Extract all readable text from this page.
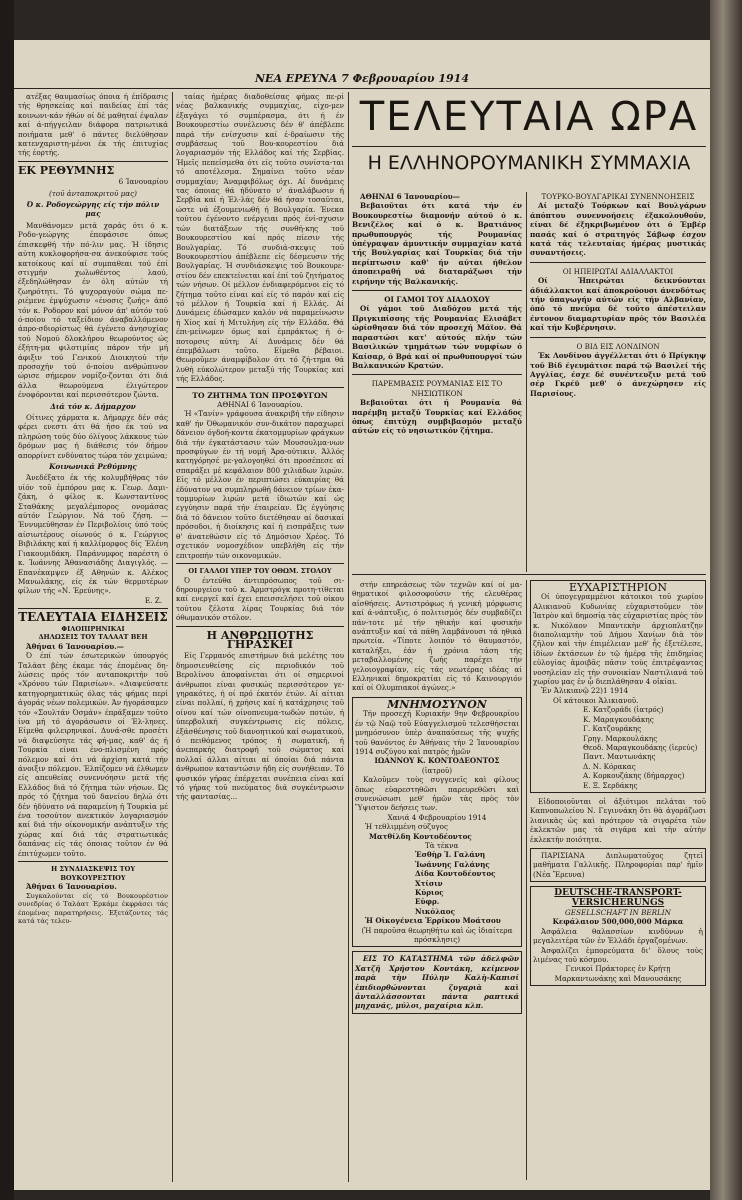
ΝΕΑ ΕΡΕΥΝΑ 7 Φεβρουαρίου 1914

ατέξας θαυμασίως όποια ή έπίδρασις τής θρησκείας καί παιδείας έπί τάς κοινωνι-κάν ήθών οί δέ μαθηταί έψαλαν καί ά-πήγγειλαν διάφορα πατριωτικά ποιήματα μεθ' ό πάντες διελύθησαν κατενχαριστη-μένοι έκ τής έπιτυχίας τής έορτής.

ΕΚ ΡΕΘΥΜΝΗΣ
6 Ίανουαρίου
(τοῦ ἀνταποκριτοῦ μας)
Ό κ. Ροδογεώργης είς τήν πόλιν μας

Μανθάνομεν μετά χαράς ότι ό κ. Ροδο-γεώργης έπεφάσισε όπως έπισκεφθή τήν πό-λιν μας. Ή ίδησις αύτη κυκλοφορήσα-σα άνεκούφισε τούς κατοίκους καί αί συμπαθεαι τού έπί στιγμήν χωλωθέντος λαού, έξεδηλώθησαν έν όλη αύτών τή ζωηρότητι. Τό ψυχοραγούν σώμα πε-ριέμενε έμψύχωσιν «ένοσις ζωής» άπό τόν κ. Ροδορον καί μόνον άπ' αύτόν τού ό-ποίου τό ταξείδιον άναβαλλόμενον άπρο-σδιορίστως θά έγένετο άνησυχίας τού Νομού δλοκλήρου θεωρούντος ώς έξήτη-μα φιλοτιμίας πάρον τήν μή άφιξιν τού Γενικού Διοικητού τήν προσοχήν τού ό-ποίου ανθρώπινον ώρισε σήμερον νομίζο-ζονται ότι διά άλλα θεωρούμενα έλιγώτερον ένοφόρονται καί περισσότερον ζώντα.

Διά τόν κ. Δήμαρχον

Οίτινες χάρματα κ. Δήμαρχε δέν σάς φέρει ενεστι άτι θά ήσο έκ τού να πληρώση τούς δύο όλίγους λάκκους τών δρόμων μας ή διάθεσις τόν δήμον απορρίνετ ενδύνατος τώρα τόν χειμώνα;

Κοινωνικά Ρεθύμνης

Άνεδέξατο έκ τής κολυμβήθρας τόν υίόν τοῦ έμπόρου μας κ. Γεωρ. Δαμι-ζάκη, ό φίλος κ. Κωνσταντίνος Σταθάκης μεγαλέμπορος ονομάσας αύτόν Γεώργιον. Νά τοῦ ζήση. —Έννυμεύθησαν έν Περιβολίοις ύπό τούς αίσιωτέρους οίωνούς ό κ. Γεώργιος Βιβιλάκης καί ή καλλίμορφος δίς Έλένη Γιακουμιδάκη. Παράνυμφος παρέστη ό κ. Ίωάννης Άθανασιάδης Διαγιγλός. —Επανέκαμψεν έξ Αθηνών κ. Αλέκος Μανωλάκης, είς έκ τών θερμοτέρων φίλων τής «Ν. Έρεύνης».

Ε. Ζ.
ΤΕΛΕΥΤΑΙΑ ΕΙΔΗΣΕΙΣ
ΦΙΛΟΠΙΡΗΝΙΚΑΙ
ΔΗΛΩΣΕΙΣ ΤΟΥ ΤΑΛΑΑΤ ΒΕΗ
Άθήναι 6 Ίανουαρίου.—

Ό έπί τών έσωτερικών ύπουργός Ταλάατ βέης έκαμε τάς έπομένας δη-λώσεις πρός τόν ανταποκριτήν τοῦ «Χρόνου τών Παρισίων». «Διαψεύσατε κατηγορηματικώς όλας τάς φήμας περί άγοράς νέων πολεμικών. Άν ήγοράσαμεν τόν «Σουλτάν Όσμάν» έπράξαμεν τοῦτο ίνα μή τό άγοράσωσιν οί Έλ-ληνες. Είμεθα φιλειρηνικοί. Δυνά-σθε προσέτι νά διαψεύσητε τάς φή-μας, καθ' άς ή Τουρκία είναι ένο-πλισμένη πρός πόλεμον καί ότι νά άρχίση κατά τήν άνοιξιν πόλεμον. Έλπίζομεν νά έλθωμεν είς απευθείας συνεννόησιν μετά τής Ελλάδος διά τό ζήτημα τών νήσων. Ώς πρός τό ζήτημα τοῦ δανείου δηλώ ότι δέν ήδύνατο νά παραμείνη ή Τουρκία μέ ένα τοσούτον ανεκτικόν λογαριασμόν καί διά τήν οίκονομικήν ανάπτυξιν τής χώρας καί διά τάς στρατιωτικάς δαπάνας είς τάς όποιας τοῦτον έν θά έπιτύχωμεν τοῦτο.

Η ΣΥΝΔΙΑΣΚΕΨΙΣ ΤΟΥ ΒΟΥΚΟΥΡΕΣΤΙΟΥ
Άθήναι 6 Ίανουαρίου.

Συγκαλούνται είς τό Βουκουρέστιον συνεδρίας ό Ταλάατ Έρκάμε έκφράσει τάς έπομένας παρατηρήσεις. Έξετάζοντες τάς κατά τάς τελευ-

ταίας ήμέρας διαδοθείσας φήμας πε-ρί νέας βαλκανικής συμμαχίας, είχο-μεν έξαγάγει τό συμπέρασμα, ότι ή έν Βουκουρεστίω συνέλευσις δέν θ' άπέβλεπε παρά τήν ενίσχυσιν καί έ-δραίωσιν τής συμβάσεως τοῦ Βου-κουρεστίου διά λογαριασμόν τής Ελλάδος καί τής Σερβίας. Ήμεῖς πεπείσμεθα ότι είς τοῦτο συνίστα-ται τό αποτέλεσμα. Σημαίνει τοῦτο νέαν συμμαχίαν; Άναμφιβόλως όχι. Αί δυνάμεις τας όποιας θά ήδύνατο ν' άναλάβωσιν ή Σερβία καί ή Έλ-λάς δέν θά ήσαν τοσαῦται, ώστε νά έξουμενιωθή ή Βουλγαρία. Ένεκα τούτου έγένοντο ενέργειαι πρός ένί-σχυσιν τών διατάξεων τής συνθή-κης τοῦ Βουκουρεστίου καί πρός πίεσιν τής Βουλγαρίας. Τό συνδιά-σκεψις τοῦ Βουκουρεστίου άπέβλεπε είς δέσμευσιν τής Βουλγαρίας. Ή συνδιάσκεψις τοῦ Βουκουρε-στίου δέν επεκτείνεται καί έπί τοῦ ζητήματος τών νήσων. Οί μέλλον ένδιαφερόμενοι είς τό ζήτημα τοῦτο είναι καί είς τό παρόν καί είς τό μέλλον ή Τουρκία καί ή Ελλάς. Αί Δυνάμεις έδώσαμεν καλόν νά παραμείνωσιν ή Χίος καί ή Μιτυλήνη είς τήν Ελλάδα. Θά έπι-μείνωμεν όμως καί έμπράκτως ή ό-ποτορσις αύτη; Αί Δυνάμεις δέν θά έπεμβάλωσι τοῦτο. Είμεθα βέβαιοι. Θεωροῦμεν άναμφίβολον ότι τό ζή-τημα θά λυθή εύκολώτερον μεταξύ τής Τουρκίας καί τής Ελλάδος.

ΤΟ ΖΗΤΗΜΑ ΤΩΝ ΠΡΟΣΦΥΓΩΝ
ΑΘΗΝΑΙ 6 Ίανουαρίου.

Ή «Τανίν» γράφουσα άνακριβή τήν είδησιν καθ' ήν Όθωμανικόν συν-δικάτον παραχωρεί δάνειον όγδοή-κοντα έκατομμυρίων φράγκων διά τήν έγκατάστασιν τών Μουσουλμα-νων προσφύγων έν τή νομή Άρα-ούτικιν. Άλλός κατηγόρησέ με-γαλογοηθεί ότι προσέπεσε αί σπαράξει μέ κεφάλαιον 800 χιλιάδων λιρών. Είς τό μέλλον έν περιπτώσει εύκαιρίας θά έδύνατον να συμπληρωθή δάνειον τρίων έκα-τομμυρίων λιρών μετά ίδιωτών καί ώς εγγύησιν παρά τήν έταιρείαν. Ώς έγγύησις διά τό δάνειον τοῦτο διετέθησαν αί δασικαί πρόσοδοι, ή διοίκησις καί ή εισπράξεις των θ' άνατεθώσιν είς τό Δημόσιον Χρέος. Τό σχετικόν νομοσχέδιον υπεβλήθη είς τήν επιτροπήν τών οικονομικών.

ΟΙ ΓΑΛΛΟΙ ΥΠΕΡ ΤΟΥ ΟΘΩΜ. ΣΤΟΛΟΥ

Ό έντεύθα άντιπρόσωπος τοῦ σι-δηρουργείου τοῦ κ. Άρμστρόγκ προτη-τίθεται καί ενεργεῖ καί έχει επεισσελήσει τοῦ οίκου τούτου ζέλοτα λίρας Τουρκίας διά τόν όθωμανικόν στόλον.

Η ΑΝΘΡΩΠΟΤΗΣ ΓΗΡΑΣΚΕΙ

Είς Γερμανός επιστήμων διά μελέτης του δημοσιευθείσης είς περιοδικόν τοῦ Βερολίνου άποφαίνεται ότι οί σημερινοί άνθρωποι είναι φυσικώς περισσότερον γε-γηρακότες, ή οί πρό έκατόν έτών. Αί αίτιαι είναι πολλαί, ή χρήσις καί ή κατάχρησις τοῦ οίνου καί τών οίνοπνευμα-τωδών ποτών, ή ύπερβολική συγκέντρωσις είς πόλεις, έξάσθένησις τοῦ διανοητικού καί σωματικού, ό πειθόμενος τρόπος ή σωματική, ή άνεπαρκής διατροφή τοῦ σώματος καί πολλαί άλλαι αίτιαι αί όποίαι διά πάντα άνθρωπον καταντώσιν ήδη είς συνήθειαν. Τό φυσικόν γήρας έπέρχεται συνέπεια είναι καί τό γήρας τοῦ πνεύματος διά συγκέντρωσιν τής φαντασίας...

ΤΕΛΕΥΤΑΙΑ ΩΡΑ
Η ΕΛΛΗΝΟΡΟΥΜΑΝΙΚΗ ΣΥΜΜΑΧΙΑ
ΑΘΗΝΑΙ 6 Ίανουαρίου—

Βεβαιοῦται ότι κατά τήν έν Βουκουρεστίω διαμονήν αύτοῦ ό κ. Βενιζέλος καί ό κ. Βρατιάνος πρωθυπουργός τής Ρουμανίας ύπέγραψαν άμυντικήν συμμαχίαν κατά τής Βουλγαρίας καί Τουρκίας διά τήν περίπτωσιν καθ' ήν αύται ήθελον άποπειραθή νά διαταράξωσι τήν ειρήνην τής Βαλκανικής.

ΟΙ ΓΑΜΟΙ ΤΟΥ ΔΙΑΔΟΧΟΥ

Οί γάμοι τοῦ Διαδόχου μετά τής Πριγκιπίσσης τής Ρουμανίας Ελισάβετ ώρίσθησαν διά τόν προσεχή Μάϊον. Θά παραστώσι κατ' αύτούς πλήν τών Βασιλικών τμημάτων τών νυμφίων ό Καίσαρ, ό Βρά καί οί πρωθυπουργοί τών Βαλκανικών Κρατών.

ΠΑΡΕΜΒΑΣΙΣ ΡΟΥΜΑΝΙΑΣ ΕΙΣ ΤΟ ΝΗΣΙΩΤΙΚΟΝ

Βεβαιοῦται ότι ή Ρουμανία θά παρέμβη μεταξύ Τουρκίας καί Ελλάδος όπως έπιτύχη συμβιβασμόν μεταξύ αύτών είς τό νησιωτικόν ζήτημα.

ΤΟΥΡΚΟ-ΒΟΥΛΓΑΡΙΚΑΙ ΣΥΝΕΝΝΟΗΣΕΙΣ

Αί μεταξύ Τούρκων καί Βουλγάρων άπόπτου συνεννοήσεις έξακολουθοῦν, είναι δέ έξηκριβωμένον ότι ό Έμβέρ πασάς καί ό στρατηγός Σάβωφ έσχον κατά τάς τελευταίας ήμέρας μυστικάς συναντήσεις.

ΟΙ ΗΠΕΙΡΩΤΑΙ ΑΔΙΑΛΛΑΚΤΟΙ

Οί Ήπειρώται δεικνύονται άδιάλλακτοι καί άποκρούουσι άνενδότως τήν ύπαγωγήν αύτών είς τήν Αλβανίαν, όπό τό πνεῦμα δέ τοῦτο άπέστειλαν έντονον διαμαρτυρίαν πρός τόν Βασιλέα καί τήν Κυβέρνησιν.

Ο ΒΙΔ ΕΙΣ ΛΟΝΔΙΝΟΝ

Έκ Λονδίνου άγγέλλεται ότι ό Πρίγκηψ τοῦ Βίδ έγευμάτισε παρά τῷ Βασιλεί τής Αγγλίας, έσχε δέ συνέντευξιν μετά τοῦ σέρ Γκρέϋ μεθ' ό άνεχώρησεν είς Παρισίους.

στήν επηρεάσεως τῶν τεχνῶν καί οί μα-θηματικοί φιλοσοφούσιν τής ελευθέρας αἰσθήσεις. Αντιστρόφως ή γενική μόρφωσις καί ά-νάπτυξις, ό πολιτισμός δέν συμβαδίζει πάν-τοτε μέ τήν ηθικήν καί φυσικήν ανάπτυξιν καί τά πάθη λαμβάνουσι τά ηθικά πρωτεία. «Τίποτε λοιπόν τό θαυμαστόν, καταλήξει, έάν ή χρόνια τάση τής μεταβαλλομένης ζωής παρέχει τήν γελοιογραφίαν, είς τάς νεωτέρας ιδέας αί Ελληνικαί δημοκρατίαι είς τό Καινουργιόν καί οί Ολυμπιακοί άγώνες.»

ΜΝΗΜΟΣΥΝΟΝ

Τήν προσεχή Κυριακήν 9ην Φεβρουαρίου έν τῷ Ναῷ τοῦ Εὐαγγελισμοῦ τελεσθήσεται μνημόσυνον ὑπὲρ ἀναπαύσεως τῆς ψυχῆς τοῦ θανόντος ἐν Ἀθήναις τὴν 2 Ἰανουαρίου 1914 συζύγου καὶ πατρὸς ἡμῶν

ΙΩΑΝΝΟΥ Κ. ΚΟΝΤΟΔΕΟΝΤΟΣ
(ἰατροῦ)

Καλοῦμεν τοὺς συγγενεῖς καὶ φίλους ὅπως εὐαρεστηθῶσι παρευρεθῶσι καὶ συνενώσωσι μεθ' ἡμῶν τὰς πρὸς τὸν Ὕψιστον δεήσεις των.

Χανιά 4 Φεβρουαρίου 1914
Ἡ τεθλιμμένη σύζυγος
Ματθίλδη Κοντοδέοντος
Τὰ τέκνα
Ἐσθὴρ Ἰ. Γαλάνη
Ἰωάννης Γαλάνης
Δίδα Κοντοδέοντος
Χτίσιν
Κύριος
Εὐφρ.
Νικόλαος
Ἡ Οἰκογένεια Ἐρρίκου Μοάτσου
(Ἡ παροῦσα θεωρηθήτω καὶ ὡς ἰδιαίτερα πρόσκλησις)

ΕΙΣ ΤΟ ΚΑΤΑΣΤΗΜΑ τῶν ἀδελφῶν Χατζῆ Χρήστου Κοντάκη, κείμενον παρὰ τὴν Πύλην Καλὴ-Καπισί ἐπιδιορθώνονται ζυγαριὰ καὶ ἀνταλλάσσονται πάντα ραπτικά μηχανάς, μύλοι, μαχαίρια κλπ.

ΕΥΧΑΡΙΣΤΗΡΙΟΝ

Οί ύπογεγραμμένοι κάτοικοι τοῦ χωρίου Αλικιανοῦ Κυδωνίας εὐχαριστοῦμεν τὸν Ἰατρὸν καὶ δημοσίᾳ τὰς εὐχαριστίας πρὸς τὸν κ. Νικόλαον Μπαντεκὴν ἀρχιοπλατζην διαπολιαμτὴν τοῦ Δήμου Χανίων διὰ τὸν ζῆλον καὶ τὴν ἐπιμέλειαν μεθ' ἧς ἐξετέλεσε, ἰδίων ἐκτάσεων ἐν τῷ ἡμέρᾳ τῆς ἐπιδημίας εὐλογίας ἀμοιβᾶς πᾶσιν τοὺς ἐπιτρέψαντας νοσηλείαν εἰς τὴν συνοικίαν Ναστιλιανά τοῦ χωρίου μας ἐν ᾧ διεπλάθησαν 4 οἰκίαι.

Ἐν Ἀλικιανῷ 22)1 1914
Οἱ κάτοικοι Ἀλικιανοῦ.
Ε. Κατζοράδι (ἰατρός)
Κ. Μαραγκουδάκης
Γ. Κατζουράκης
Γρηγ. Μαρκουλάκης
Θεοδ. Μαραγκουδάκης (ἱερεύς)
Παντ. Μαντωνάκης
Δ. Ν. Κόρακας
Α. Κορκουζάκης (δήμαρχος)
Ε. Ξ. Σερδάκης

Εἰδοποιοῦνται οἱ ἀξιότιμοι πελάται τοῦ Καπνοπωλείου Ν. Γεγιννάκη ὅτι θὰ ἀγοράζωσι λιανικὰς ὡς καὶ πρότερον τὰ σιγαρέτα τῶν ἐκλεκτῶν μας τὰ σιγάρα καὶ τὴν αὐτὴν ἐκλεκτὴν ποιότητα.

ΠΑΡΙΣΙΑΝΑ Διπλωματοῦχος ζητεῖ μαθήματα Γαλλικῆς. Πληροφορίαι παρ' ἡμῖν (Νέα Ἔρευνα)

DEUTSCHE-TRANSPORT-
VERSICHERUNGS
GESELLSCHAFT IN BERLIN
Κεφάλαιον 500,000,000 Μάρκα

Ἀσφάλεια θαλασσίων κινδύνων ἡ μεγαλειτέρα τῶν ἐν Ἑλλάδι ἐργαζομένων.

Ἀσφαλίζει ἐμπορεύματα δι' ὅλους τοὺς λιμένας τοῦ κόσμου.

Γενικοί Πράκτορες ἐν Κρήτῃ
Μαρκαντωνάκης καὶ Μανουσάκης
